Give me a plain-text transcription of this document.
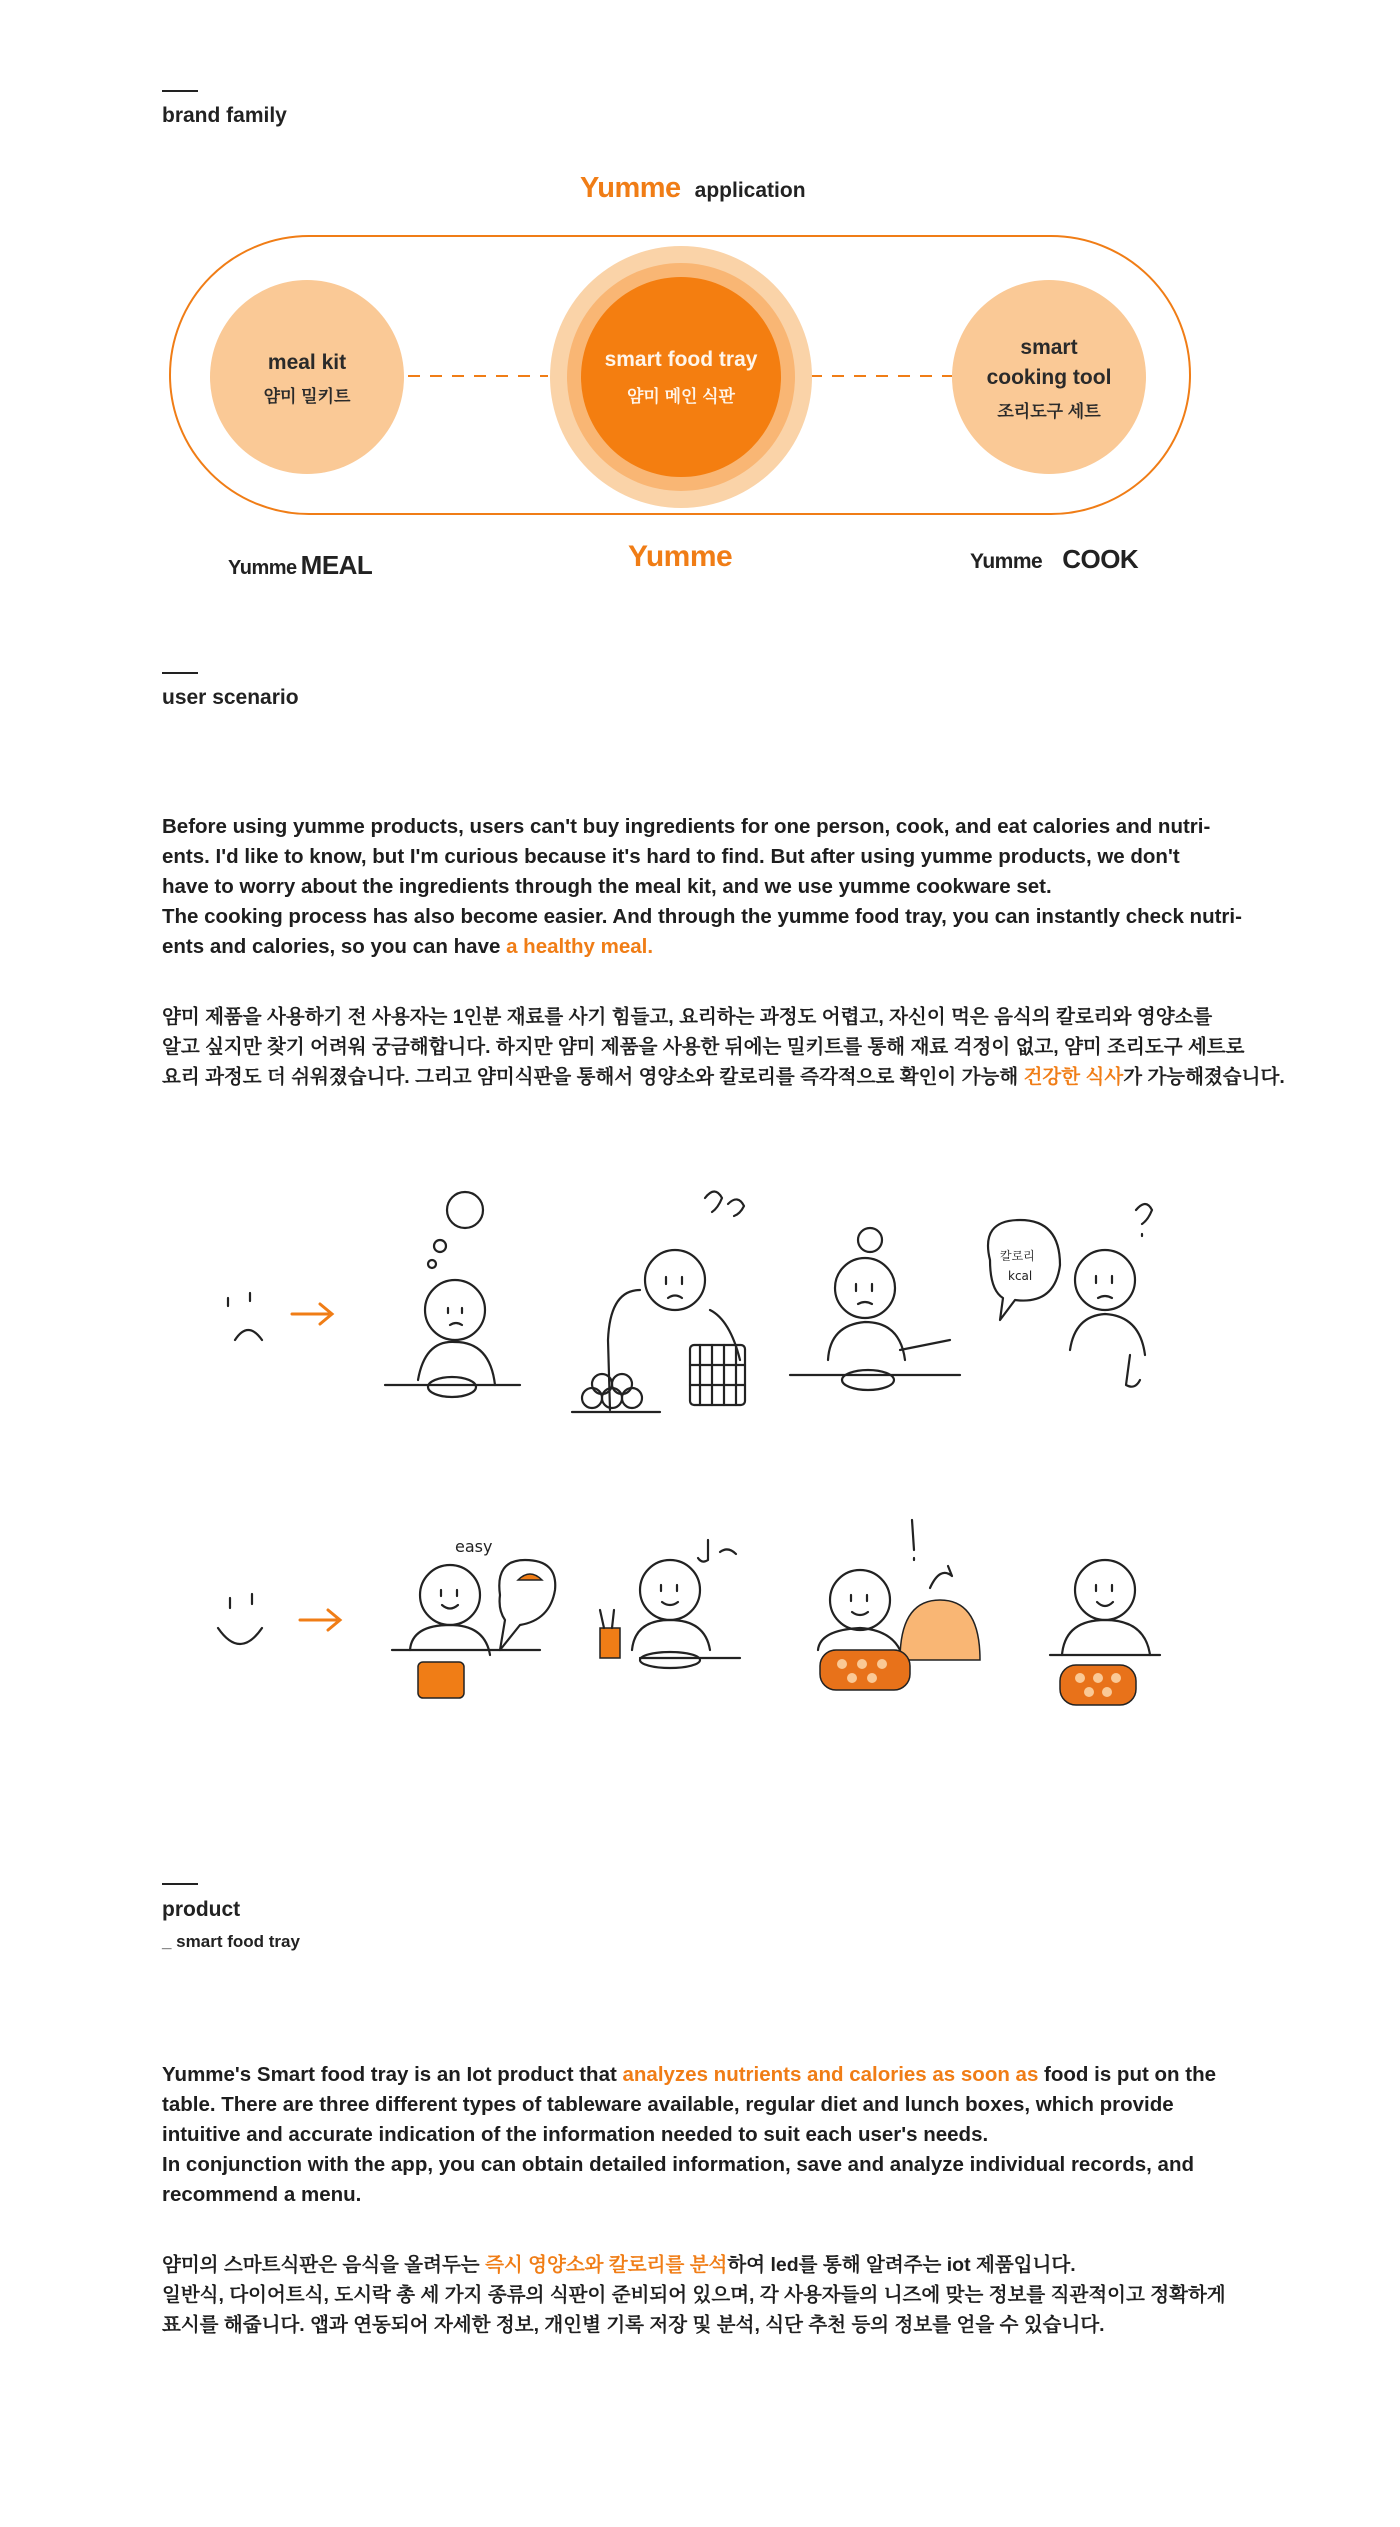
brand family
Yumme application
meal kit
얌미 밀키트
smart food tray
얌미 메인 식판
smart
cooking tool
조리도구 세트
Yumme MEAL	Yumme	Yumme COOK
user scenario

Before using yumme products, users can't buy ingredients for one person, cook, and eat calories and nutri-

ents. I'd like to know, but I'm curious because it's hard to find. But after using yumme products, we don't

have to worry about the ingredients through the meal kit, and we use yumme cookware set.

The cooking process has also become easier. And through the yumme food tray, you can instantly check nutri-

ents and calories, so you can have a healthy meal.

얌미 제품을 사용하기 전 사용자는 1인분 재료를 사기 힘들고, 요리하는 과정도 어렵고, 자신이 먹은 음식의 칼로리와 영양소를

알고 싶지만 찾기 어려워 궁금해합니다. 하지만 얌미 제품을 사용한 뒤에는 밀키트를 통해 재료 걱정이 없고, 얌미 조리도구 세트로

요리 과정도 더 쉬워졌습니다. 그리고 얌미식판을 통해서 영양소와 칼로리를 즉각적으로 확인이 가능해 건강한 식사가 가능해졌습니다.

칼로리
kcal
easy
product
_ smart food tray

Yumme's Smart food tray is an Iot product that analyzes nutrients and calories as soon as food is put on the

table. There are three different types of tableware available, regular diet and lunch boxes, which provide

intuitive and accurate indication of the information needed to suit each user's needs.

In conjunction with the app, you can obtain detailed information, save and analyze individual records, and

recommend a menu.

얌미의 스마트식판은 음식을 올려두는 즉시 영양소와 칼로리를 분석하여 led를 통해 알려주는 iot 제품입니다.

일반식, 다이어트식, 도시락 총 세 가지 종류의 식판이 준비되어 있으며, 각 사용자들의 니즈에 맞는 정보를 직관적이고 정확하게

표시를 해줍니다. 앱과 연동되어 자세한 정보, 개인별 기록 저장 및 분석, 식단 추천 등의 정보를 얻을 수 있습니다.
